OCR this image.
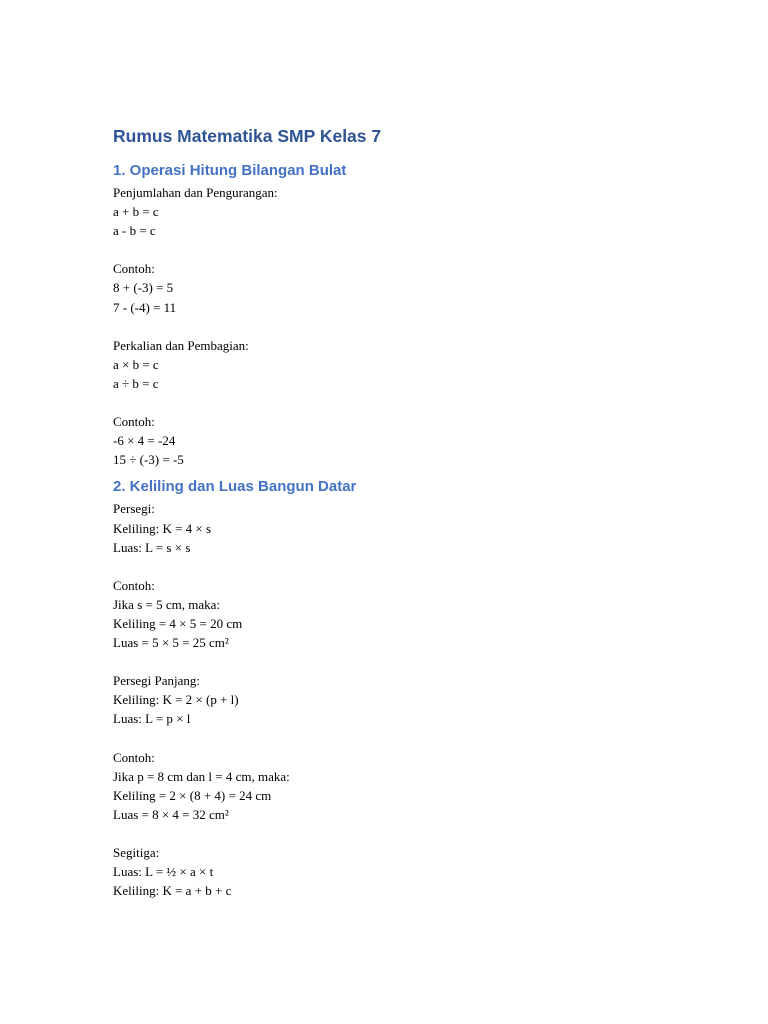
Rumus Matematika SMP Kelas 7
1. Operasi Hitung Bilangan Bulat
Penjumlahan dan Pengurangan:
a + b = c
a - b = c
Contoh:
8 + (-3) = 5
7 - (-4) = 11
Perkalian dan Pembagian:
a × b = c
a ÷ b = c
Contoh:
-6 × 4 = -24
15 ÷ (-3) = -5
2. Keliling dan Luas Bangun Datar
Persegi:
Keliling: K = 4 × s
Luas: L = s × s
Contoh:
Jika s = 5 cm, maka:
Keliling = 4 × 5 = 20 cm
Luas = 5 × 5 = 25 cm²
Persegi Panjang:
Keliling: K = 2 × (p + l)
Luas: L = p × l
Contoh:
Jika p = 8 cm dan l = 4 cm, maka:
Keliling = 2 × (8 + 4) = 24 cm
Luas = 8 × 4 = 32 cm²
Segitiga:
Luas: L = ½ × a × t
Keliling: K = a + b + c
